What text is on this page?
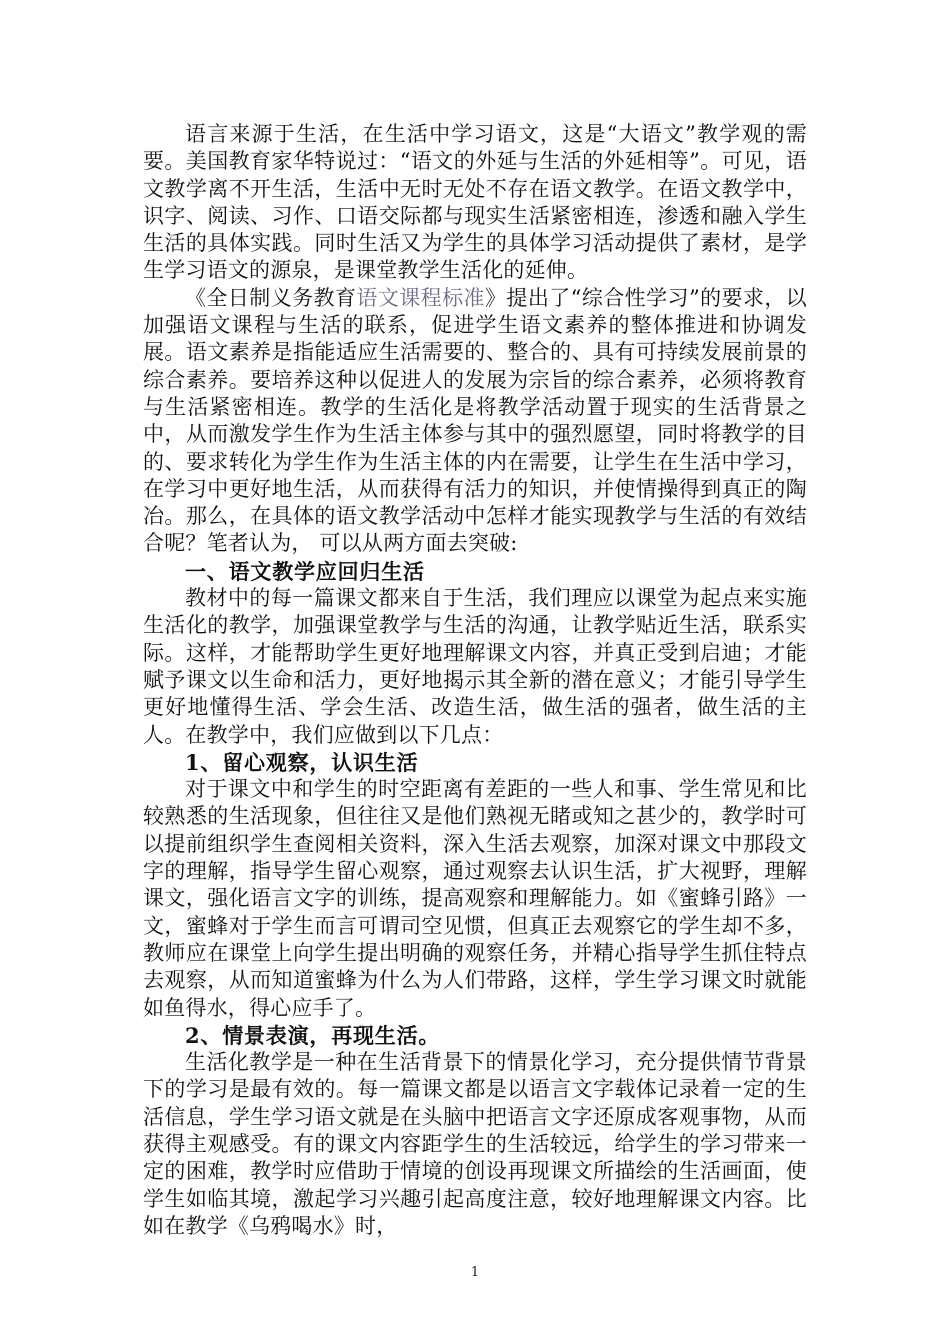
语言来源于生活，在生活中学习语文，这是“大语文”教学观的需要。美国教育家华特说过：“语文的外延与生活的外延相等”。可见，语文教学离不开生活，生活中无时无处不存在语文教学。在语文教学中，识字、阅读、习作、口语交际都与现实生活紧密相连，渗透和融入学生生活的具体实践。同时生活又为学生的具体学习活动提供了素材，是学生学习语文的源泉，是课堂教学生活化的延伸。

《全日制义务教育语文课程标准》提出了“综合性学习”的要求，以加强语文课程与生活的联系，促进学生语文素养的整体推进和协调发展。语文素养是指能适应生活需要的、整合的、具有可持续发展前景的综合素养。要培养这种以促进人的发展为宗旨的综合素养，必须将教育与生活紧密相连。教学的生活化是将教学活动置于现实的生活背景之中，从而激发学生作为生活主体参与其中的强烈愿望，同时将教学的目的、要求转化为学生作为生活主体的内在需要，让学生在生活中学习，在学习中更好地生活，从而获得有活力的知识，并使情操得到真正的陶冶。那么，在具体的语文教学活动中怎样才能实现教学与生活的有效结合呢？笔者认为， 可以从两方面去突破:

一、语文教学应回归生活

教材中的每一篇课文都来自于生活，我们理应以课堂为起点来实施生活化的教学，加强课堂教学与生活的沟通，让教学贴近生活，联系实际。这样，才能帮助学生更好地理解课文内容，并真正受到启迪；才能赋予课文以生命和活力，更好地揭示其全新的潜在意义；才能引导学生更好地懂得生活、学会生活、改造生活，做生活的强者，做生活的主人。在教学中，我们应做到以下几点：

1、留心观察，认识生活

对于课文中和学生的时空距离有差距的一些人和事、学生常见和比较熟悉的生活现象，但往往又是他们熟视无睹或知之甚少的，教学时可以提前组织学生查阅相关资料，深入生活去观察，加深对课文中那段文字的理解，指导学生留心观察，通过观察去认识生活，扩大视野，理解课文，强化语言文字的训练，提高观察和理解能力。如《蜜蜂引路》一文，蜜蜂对于学生而言可谓司空见惯，但真正去观察它的学生却不多，教师应在课堂上向学生提出明确的观察任务，并精心指导学生抓住特点去观察，从而知道蜜蜂为什么为人们带路，这样，学生学习课文时就能如鱼得水，得心应手了。

2、情景表演，再现生活。

生活化教学是一种在生活背景下的情景化学习，充分提供情节背景下的学习是最有效的。每一篇课文都是以语言文字载体记录着一定的生活信息，学生学习语文就是在头脑中把语言文字还原成客观事物，从而获得主观感受。有的课文内容距学生的生活较远，给学生的学习带来一定的困难，教学时应借助于情境的创设再现课文所描绘的生活画面，使学生如临其境，激起学习兴趣引起高度注意，较好地理解课文内容。比如在教学《乌鸦喝水》时，

1
